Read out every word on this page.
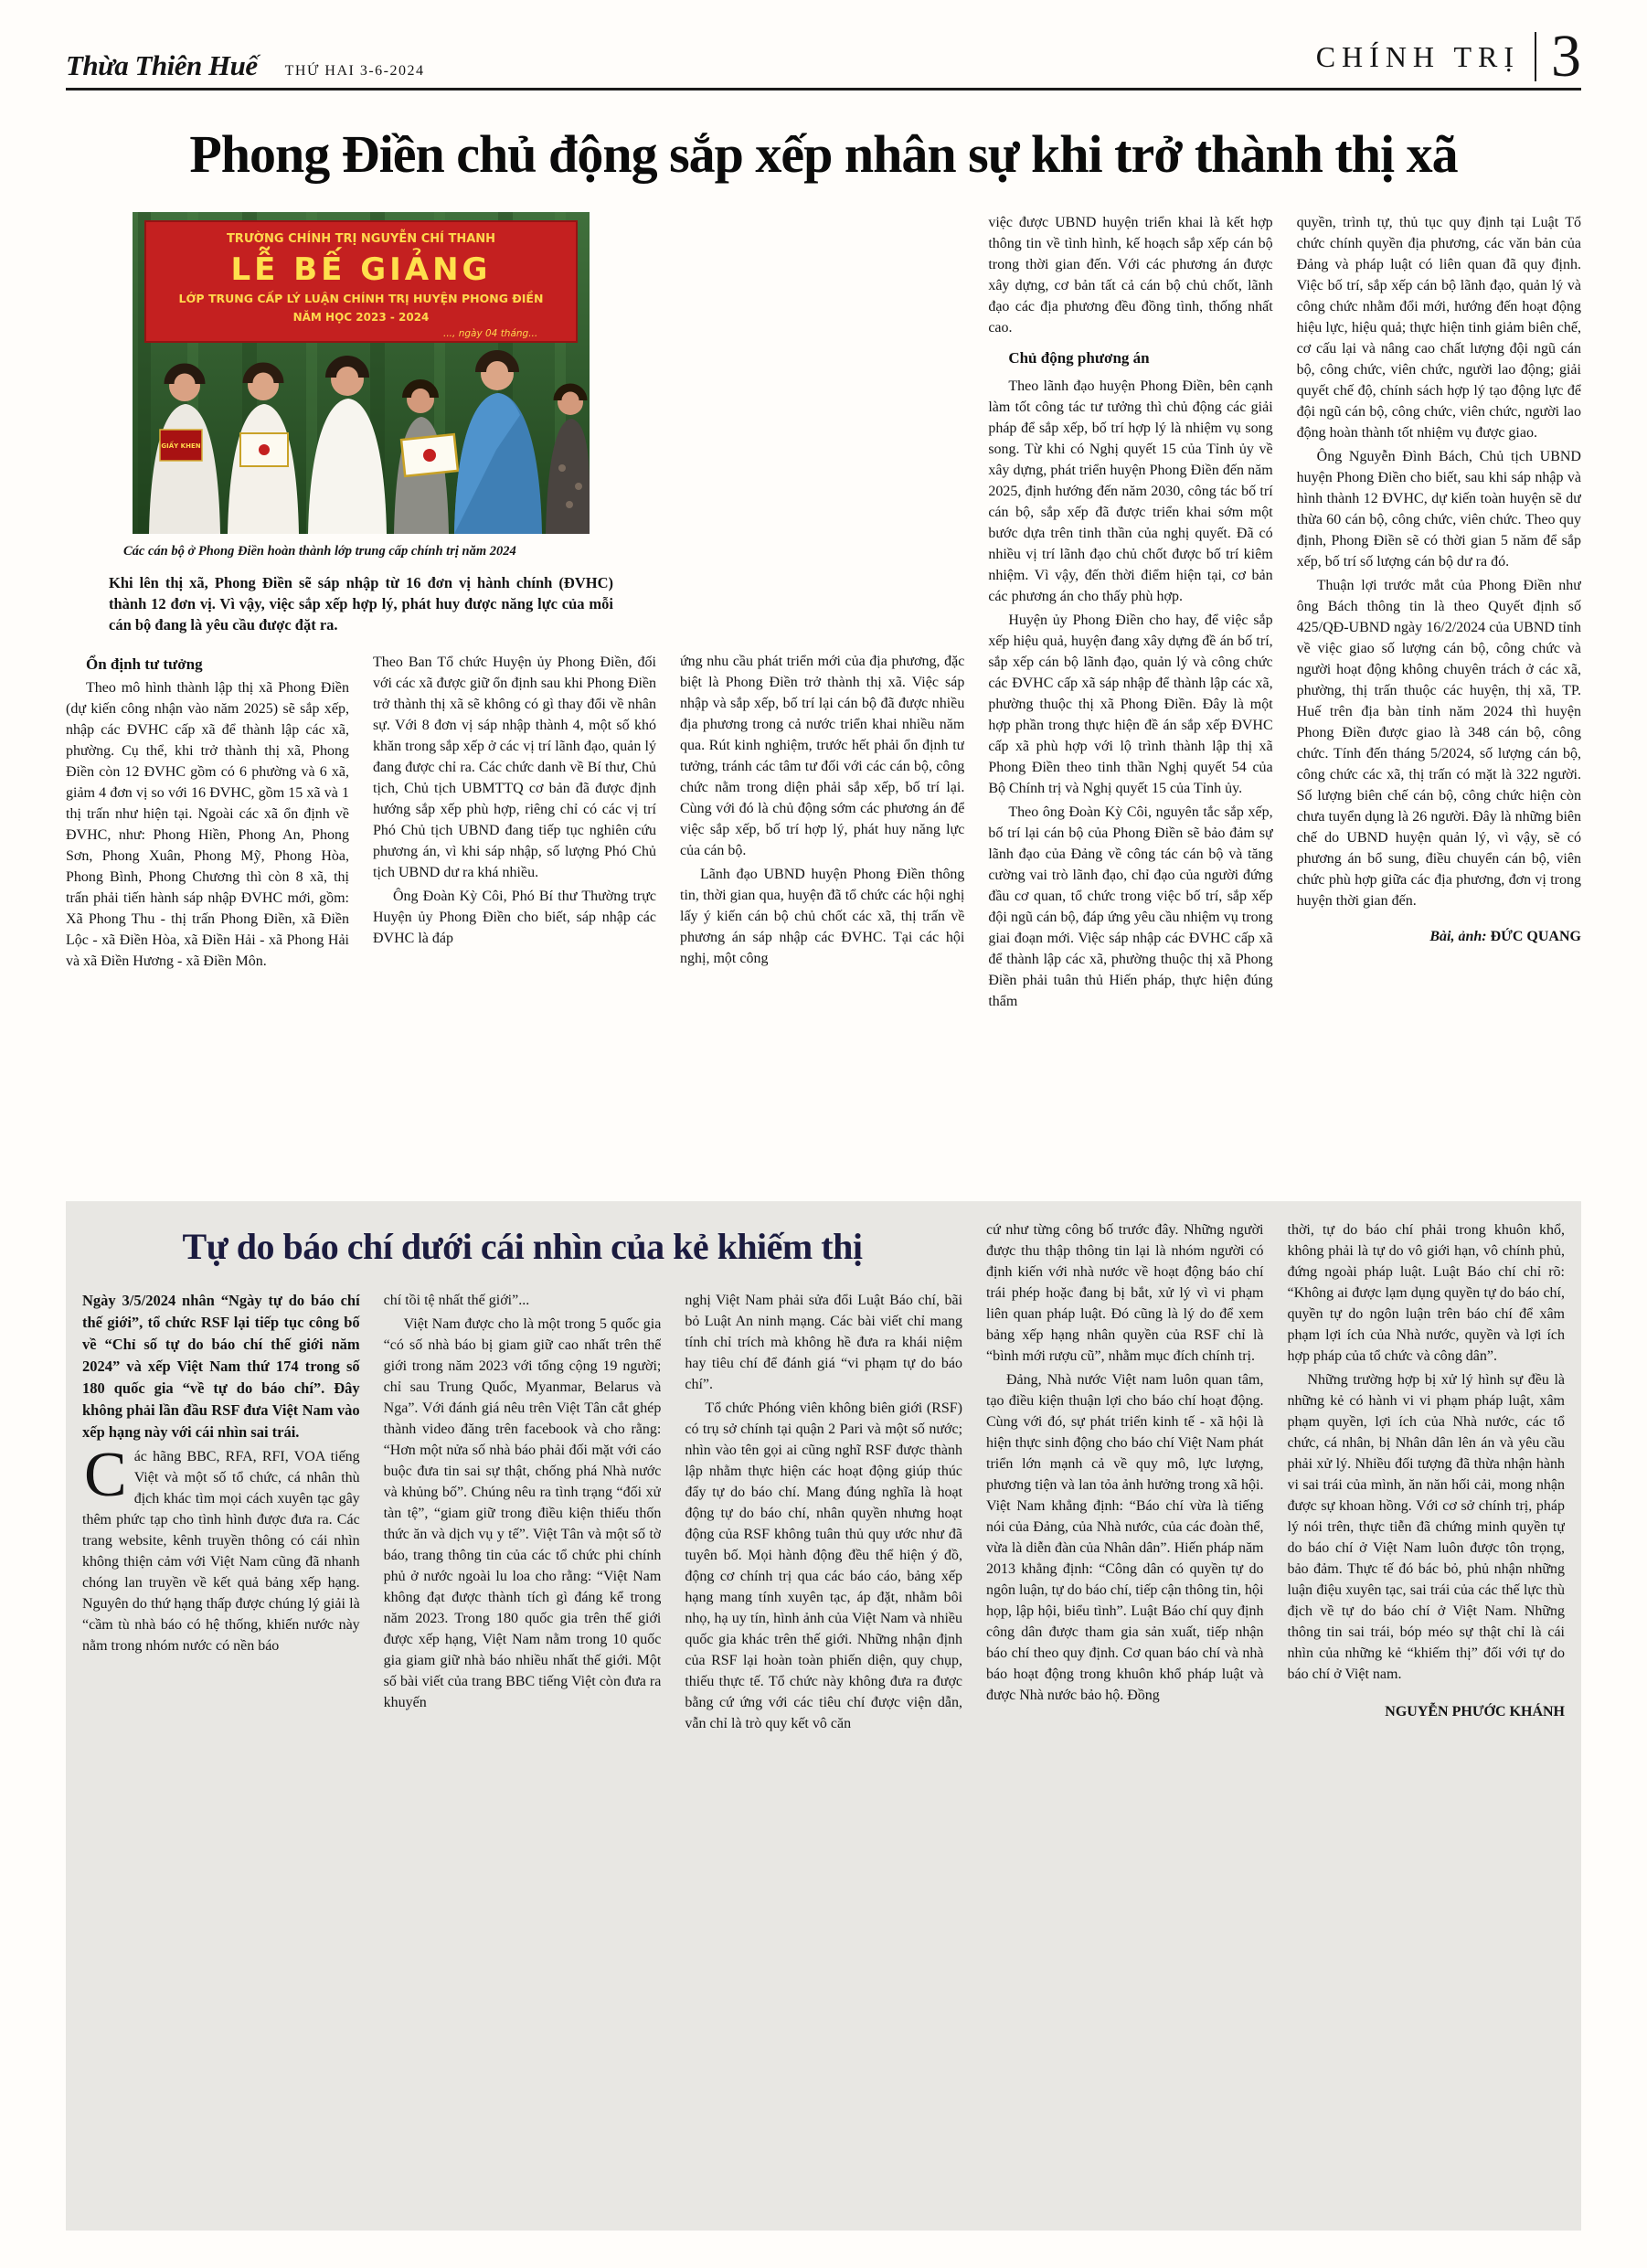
Thừa Thiên Huế THỨ HAI 3-6-2024	CHÍNH TRỊ 3
Phong Điền chủ động sắp xếp nhân sự khi trở thành thị xã
TRƯỜNG CHÍNH TRỊ NGUYỄN CHÍ THANH
LỄ BẾ GIẢNG
LỚP TRUNG CẤP LÝ LUẬN CHÍNH TRỊ HUYỆN PHONG ĐIỀN
NĂM HỌC 2023 - 2024
..., ngày 04 tháng...
GIẤY KHEN

Các cán bộ ở Phong Điền hoàn thành lớp trung cấp chính trị năm 2024

Khi lên thị xã, Phong Điền sẽ sáp nhập từ 16 đơn vị hành chính (ĐVHC) thành 12 đơn vị. Vì vậy, việc sắp xếp hợp lý, phát huy được năng lực của mỗi cán bộ đang là yêu cầu được đặt ra.

Ổn định tư tưởng

Theo mô hình thành lập thị xã Phong Điền (dự kiến công nhận vào năm 2025) sẽ sắp xếp, nhập các ĐVHC cấp xã để thành lập các xã, phường. Cụ thể, khi trở thành thị xã, Phong Điền còn 12 ĐVHC gồm có 6 phường và 6 xã, giảm 4 đơn vị so với 16 ĐVHC, gồm 15 xã và 1 thị trấn như hiện tại. Ngoài các xã ổn định về ĐVHC, như: Phong Hiền, Phong An, Phong Sơn, Phong Xuân, Phong Mỹ, Phong Hòa, Phong Bình, Phong Chương thì còn 8 xã, thị trấn phải tiến hành sáp nhập ĐVHC mới, gồm: Xã Phong Thu - thị trấn Phong Điền, xã Điền Lộc - xã Điền Hòa, xã Điền Hải - xã Phong Hải và xã Điền Hương - xã Điền Môn.

Theo Ban Tổ chức Huyện ủy Phong Điền, đối với các xã được giữ ổn định sau khi Phong Điền trở thành thị xã sẽ không có gì thay đổi về nhân sự. Với 8 đơn vị sáp nhập thành 4, một số khó khăn trong sắp xếp ở các vị trí lãnh đạo, quản lý đang được chỉ ra. Các chức danh về Bí thư, Chủ tịch, Chủ tịch UBMTTQ cơ bản đã được định hướng sắp xếp phù hợp, riêng chỉ có các vị trí Phó Chủ tịch UBND đang tiếp tục nghiên cứu phương án, vì khi sáp nhập, số lượng Phó Chủ tịch UBND dư ra khá nhiều.

Ông Đoàn Kỳ Côi, Phó Bí thư Thường trực Huyện ủy Phong Điền cho biết, sáp nhập các ĐVHC là đáp

ứng nhu cầu phát triển mới của địa phương, đặc biệt là Phong Điền trở thành thị xã. Việc sáp nhập và sắp xếp, bố trí lại cán bộ đã được nhiều địa phương trong cả nước triển khai nhiều năm qua. Rút kinh nghiệm, trước hết phải ổn định tư tưởng, tránh các tâm tư đối với các cán bộ, công chức nằm trong diện phải sắp xếp, bố trí lại. Cùng với đó là chủ động sớm các phương án để việc sắp xếp, bố trí hợp lý, phát huy năng lực của cán bộ.

Lãnh đạo UBND huyện Phong Điền thông tin, thời gian qua, huyện đã tổ chức các hội nghị lấy ý kiến cán bộ chủ chốt các xã, thị trấn về phương án sáp nhập các ĐVHC. Tại các hội nghị, một công

việc được UBND huyện triển khai là kết hợp thông tin về tình hình, kế hoạch sắp xếp cán bộ trong thời gian đến. Với các phương án được xây dựng, cơ bản tất cả cán bộ chủ chốt, lãnh đạo các địa phương đều đồng tình, thống nhất cao.

Chủ động phương án

Theo lãnh đạo huyện Phong Điền, bên cạnh làm tốt công tác tư tưởng thì chủ động các giải pháp để sắp xếp, bố trí hợp lý là nhiệm vụ song song. Từ khi có Nghị quyết 15 của Tỉnh ủy về xây dựng, phát triển huyện Phong Điền đến năm 2025, định hướng đến năm 2030, công tác bố trí cán bộ, sắp xếp đã được triển khai sớm một bước dựa trên tinh thần của nghị quyết. Đã có nhiều vị trí lãnh đạo chủ chốt được bố trí kiêm nhiệm. Vì vậy, đến thời điểm hiện tại, cơ bản các phương án cho thấy phù hợp.

Huyện ủy Phong Điền cho hay, để việc sắp xếp hiệu quả, huyện đang xây dựng đề án bố trí, sắp xếp cán bộ lãnh đạo, quản lý và công chức các ĐVHC cấp xã sáp nhập để thành lập các xã, phường thuộc thị xã Phong Điền. Đây là một hợp phần trong thực hiện đề án sắp xếp ĐVHC cấp xã phù hợp với lộ trình thành lập thị xã Phong Điền theo tinh thần Nghị quyết 54 của Bộ Chính trị và Nghị quyết 15 của Tỉnh ủy.

Theo ông Đoàn Kỳ Côi, nguyên tắc sắp xếp, bố trí lại cán bộ của Phong Điền sẽ bảo đảm sự lãnh đạo của Đảng về công tác cán bộ và tăng cường vai trò lãnh đạo, chỉ đạo của người đứng đầu cơ quan, tổ chức trong việc bố trí, sắp xếp đội ngũ cán bộ, đáp ứng yêu cầu nhiệm vụ trong giai đoạn mới. Việc sáp nhập các ĐVHC cấp xã để thành lập các xã, phường thuộc thị xã Phong Điền phải tuân thủ Hiến pháp, thực hiện đúng thẩm

quyền, trình tự, thủ tục quy định tại Luật Tổ chức chính quyền địa phương, các văn bản của Đảng và pháp luật có liên quan đã quy định. Việc bố trí, sắp xếp cán bộ lãnh đạo, quản lý và công chức nhằm đổi mới, hướng đến hoạt động hiệu lực, hiệu quả; thực hiện tinh giảm biên chế, cơ cấu lại và nâng cao chất lượng đội ngũ cán bộ, công chức, viên chức, người lao động; giải quyết chế độ, chính sách hợp lý tạo động lực để đội ngũ cán bộ, công chức, viên chức, người lao động hoàn thành tốt nhiệm vụ được giao.

Ông Nguyễn Đình Bách, Chủ tịch UBND huyện Phong Điền cho biết, sau khi sáp nhập và hình thành 12 ĐVHC, dự kiến toàn huyện sẽ dư thừa 60 cán bộ, công chức, viên chức. Theo quy định, Phong Điền sẽ có thời gian 5 năm để sắp xếp, bố trí số lượng cán bộ dư ra đó.

Thuận lợi trước mắt của Phong Điền như ông Bách thông tin là theo Quyết định số 425/QĐ-UBND ngày 16/2/2024 của UBND tỉnh về việc giao số lượng cán bộ, công chức và người hoạt động không chuyên trách ở các xã, phường, thị trấn thuộc các huyện, thị xã, TP. Huế trên địa bàn tỉnh năm 2024 thì huyện Phong Điền được giao là 348 cán bộ, công chức. Tính đến tháng 5/2024, số lượng cán bộ, công chức các xã, thị trấn có mặt là 322 người. Số lượng biên chế cán bộ, công chức hiện còn chưa tuyển dụng là 26 người. Đây là những biên chế do UBND huyện quản lý, vì vậy, sẽ có phương án bổ sung, điều chuyển cán bộ, viên chức phù hợp giữa các địa phương, đơn vị trong huyện thời gian đến.

Bài, ảnh: ĐỨC QUANG

Tự do báo chí dưới cái nhìn của kẻ khiếm thị

Ngày 3/5/2024 nhân “Ngày tự do báo chí thế giới”, tổ chức RSF lại tiếp tục công bố về “Chỉ số tự do báo chí thế giới năm 2024” và xếp Việt Nam thứ 174 trong số 180 quốc gia “về tự do báo chí”. Đây không phải lần đầu RSF đưa Việt Nam vào xếp hạng này với cái nhìn sai trái.

Các hãng BBC, RFA, RFI, VOA tiếng Việt và một số tổ chức, cá nhân thù địch khác tìm mọi cách xuyên tạc gây thêm phức tạp cho tình hình được đưa ra. Các trang website, kênh truyền thông có cái nhìn không thiện cảm với Việt Nam cũng đã nhanh chóng lan truyền về kết quả bảng xếp hạng. Nguyên do thứ hạng thấp được chúng lý giải là “cầm tù nhà báo có hệ thống, khiến nước này nằm trong nhóm nước có nền báo

chí tồi tệ nhất thế giới”...

Việt Nam được cho là một trong 5 quốc gia “có số nhà báo bị giam giữ cao nhất trên thế giới trong năm 2023 với tổng cộng 19 người; chỉ sau Trung Quốc, Myanmar, Belarus và Nga”. Với đánh giá nêu trên Việt Tân cắt ghép thành video đăng trên facebook và cho rằng: “Hơn một nửa số nhà báo phải đối mặt với cáo buộc đưa tin sai sự thật, chống phá Nhà nước và khủng bố”. Chúng nêu ra tình trạng “đối xử tàn tệ”, “giam giữ trong điều kiện thiếu thốn thức ăn và dịch vụ y tế”. Việt Tân và một số tờ báo, trang thông tin của các tổ chức phi chính phủ ở nước ngoài lu loa cho rằng: “Việt Nam không đạt được thành tích gì đáng kể trong năm 2023. Trong 180 quốc gia trên thế giới được xếp hạng, Việt Nam nằm trong 10 quốc gia giam giữ nhà báo nhiều nhất thế giới. Một số bài viết của trang BBC tiếng Việt còn đưa ra khuyến

nghị Việt Nam phải sửa đổi Luật Báo chí, bãi bỏ Luật An ninh mạng. Các bài viết chỉ mang tính chỉ trích mà không hề đưa ra khái niệm hay tiêu chí để đánh giá “vi phạm tự do báo chí”.

Tổ chức Phóng viên không biên giới (RSF) có trụ sở chính tại quận 2 Pari và một số nước; nhìn vào tên gọi ai cũng nghĩ RSF được thành lập nhằm thực hiện các hoạt động giúp thúc đẩy tự do báo chí. Mang đúng nghĩa là hoạt động tự do báo chí, nhân quyền nhưng hoạt động của RSF không tuân thủ quy ước như đã tuyên bố. Mọi hành động đều thể hiện ý đồ, động cơ chính trị qua các báo cáo, bảng xếp hạng mang tính xuyên tạc, áp đặt, nhằm bôi nhọ, hạ uy tín, hình ảnh của Việt Nam và nhiều quốc gia khác trên thế giới. Những nhận định của RSF lại hoàn toàn phiến diện, quy chụp, thiếu thực tế. Tổ chức này không đưa ra được bằng cứ ứng với các tiêu chí được viện dẫn, vẫn chỉ là trò quy kết vô căn

cứ như từng công bố trước đây. Những người được thu thập thông tin lại là nhóm người có định kiến với nhà nước về hoạt động báo chí trái phép hoặc đang bị bắt, xử lý vì vi phạm liên quan pháp luật. Đó cũng là lý do để xem bảng xếp hạng nhân quyền của RSF chỉ là “bình mới rượu cũ”, nhằm mục đích chính trị.

Đảng, Nhà nước Việt nam luôn quan tâm, tạo điều kiện thuận lợi cho báo chí hoạt động. Cùng với đó, sự phát triển kinh tế - xã hội là hiện thực sinh động cho báo chí Việt Nam phát triển lớn mạnh cả về quy mô, lực lượng, phương tiện và lan tỏa ảnh hưởng trong xã hội. Việt Nam khẳng định: “Báo chí vừa là tiếng nói của Đảng, của Nhà nước, của các đoàn thể, vừa là diễn đàn của Nhân dân”. Hiến pháp năm 2013 khẳng định: “Công dân có quyền tự do ngôn luận, tự do báo chí, tiếp cận thông tin, hội họp, lập hội, biểu tình”. Luật Báo chí quy định công dân được tham gia sản xuất, tiếp nhận báo chí theo quy định. Cơ quan báo chí và nhà báo hoạt động trong khuôn khổ pháp luật và được Nhà nước bảo hộ. Đồng

thời, tự do báo chí phải trong khuôn khổ, không phải là tự do vô giới hạn, vô chính phủ, đứng ngoài pháp luật. Luật Báo chí chỉ rõ: “Không ai được lạm dụng quyền tự do báo chí, quyền tự do ngôn luận trên báo chí để xâm phạm lợi ích của Nhà nước, quyền và lợi ích hợp pháp của tổ chức và công dân”.

Những trường hợp bị xử lý hình sự đều là những kẻ có hành vi vi phạm pháp luật, xâm phạm quyền, lợi ích của Nhà nước, các tổ chức, cá nhân, bị Nhân dân lên án và yêu cầu phải xử lý. Nhiều đối tượng đã thừa nhận hành vi sai trái của mình, ăn năn hối cải, mong nhận được sự khoan hồng. Với cơ sở chính trị, pháp lý nói trên, thực tiễn đã chứng minh quyền tự do báo chí ở Việt Nam luôn được tôn trọng, bảo đảm. Thực tế đó bác bỏ, phủ nhận những luận điệu xuyên tạc, sai trái của các thế lực thù địch về tự do báo chí ở Việt Nam. Những thông tin sai trái, bóp méo sự thật chỉ là cái nhìn của những kẻ “khiếm thị” đối với tự do báo chí ở Việt nam.

NGUYỄN PHƯỚC KHÁNH
